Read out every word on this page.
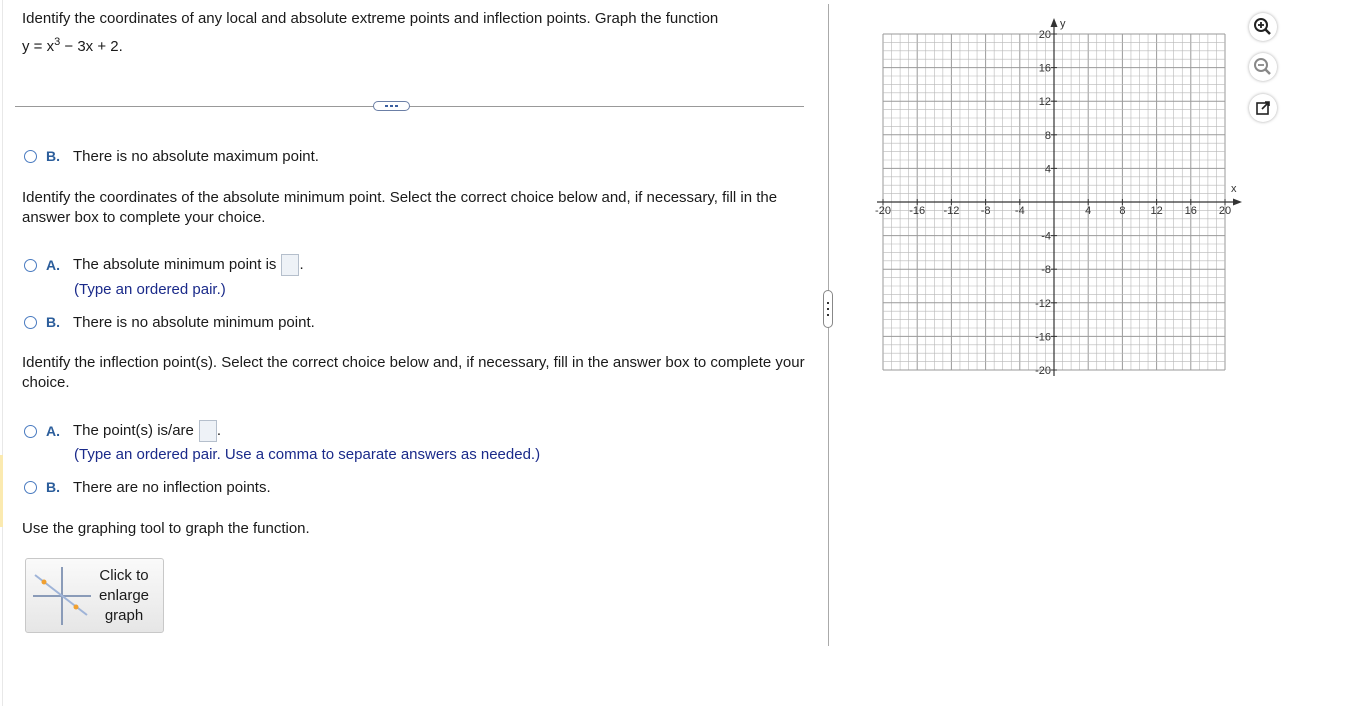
Identify the coordinates of any local and absolute extreme points and inflection points. Graph the function
$y = x^3 - 3x + 2$.
B. There is no absolute maximum point.
Identify the coordinates of the absolute minimum point. Select the correct choice below and, if necessary, fill in the answer box to complete your choice.
A. The absolute minimum point is .
(Type an ordered pair.)
B. There is no absolute minimum point.
Identify the inflection point(s). Select the correct choice below and, if necessary, fill in the answer box to complete your choice.
A. The point(s) is/are .
(Type an ordered pair. Use a comma to separate answers as needed.)
B. There are no inflection points.
Use the graphing tool to graph the function.
Click to
enlarge
graph
x
y
-20 -16 -12 -8 -4	4	8 12 16 20
20
16
12
8
4
-4
-8
-12
-16
-20
